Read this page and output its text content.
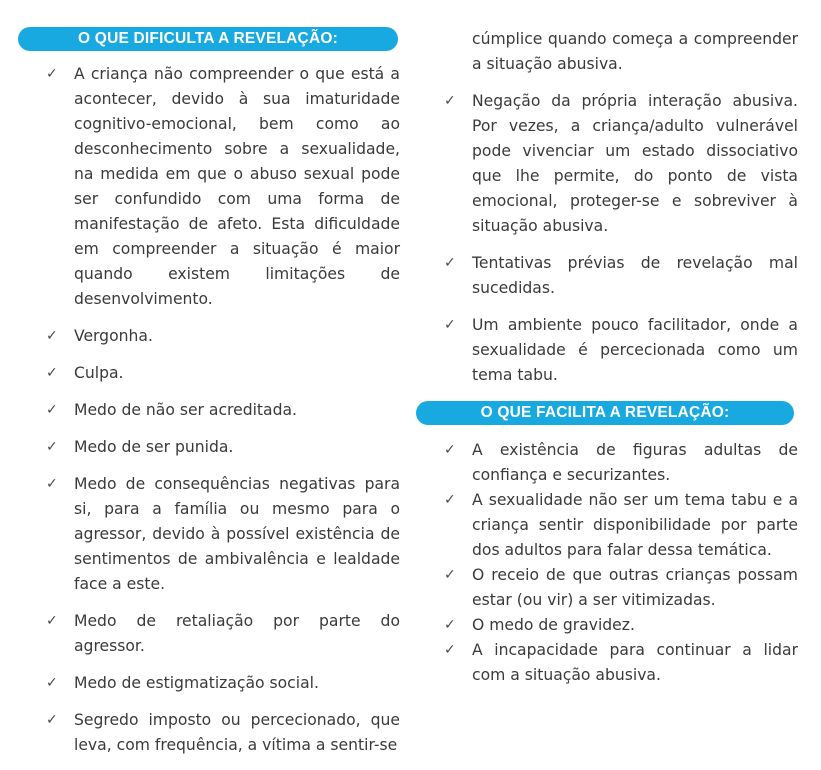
O QUE DIFICULTA A REVELAÇÃO:
✓ A criança não compreender o que está a acontecer, devido à sua imaturidade cognitivo-emocional, bem como ao desconhecimento sobre a sexualidade, na medida em que o abuso sexual pode ser confundido com uma forma de manifestação de afeto. Esta dificuldade em compreender a situação é maior quando existem limitações de desenvolvimento.
✓ Vergonha.
✓ Culpa.
✓ Medo de não ser acreditada.
✓ Medo de ser punida.
✓ Medo de consequências negativas para si, para a família ou mesmo para o agressor, devido à possível existência de sentimentos de ambivalência e lealdade face a este.
✓ Medo de retaliação por parte do agressor.
✓ Medo de estigmatização social.
✓ Segredo imposto ou percecionado, que leva, com frequência, a vítima a sentir-se
cúmplice quando começa a compreender a situação abusiva.
✓ Negação da própria interação abusiva. Por vezes, a criança/adulto vulnerável pode vivenciar um estado dissociativo que lhe permite, do ponto de vista emocional, proteger-se e sobreviver à situação abusiva.
✓ Tentativas prévias de revelação mal sucedidas.
✓ Um ambiente pouco facilitador, onde a sexualidade é percecionada como um tema tabu.
O QUE FACILITA A REVELAÇÃO:
✓ A existência de figuras adultas de confiança e securizantes.
✓ A sexualidade não ser um tema tabu e a criança sentir disponibilidade por parte dos adultos para falar dessa temática.
✓ O receio de que outras crianças possam estar (ou vir) a ser vitimizadas.
✓ O medo de gravidez.
✓ A incapacidade para continuar a lidar com a situação abusiva.
